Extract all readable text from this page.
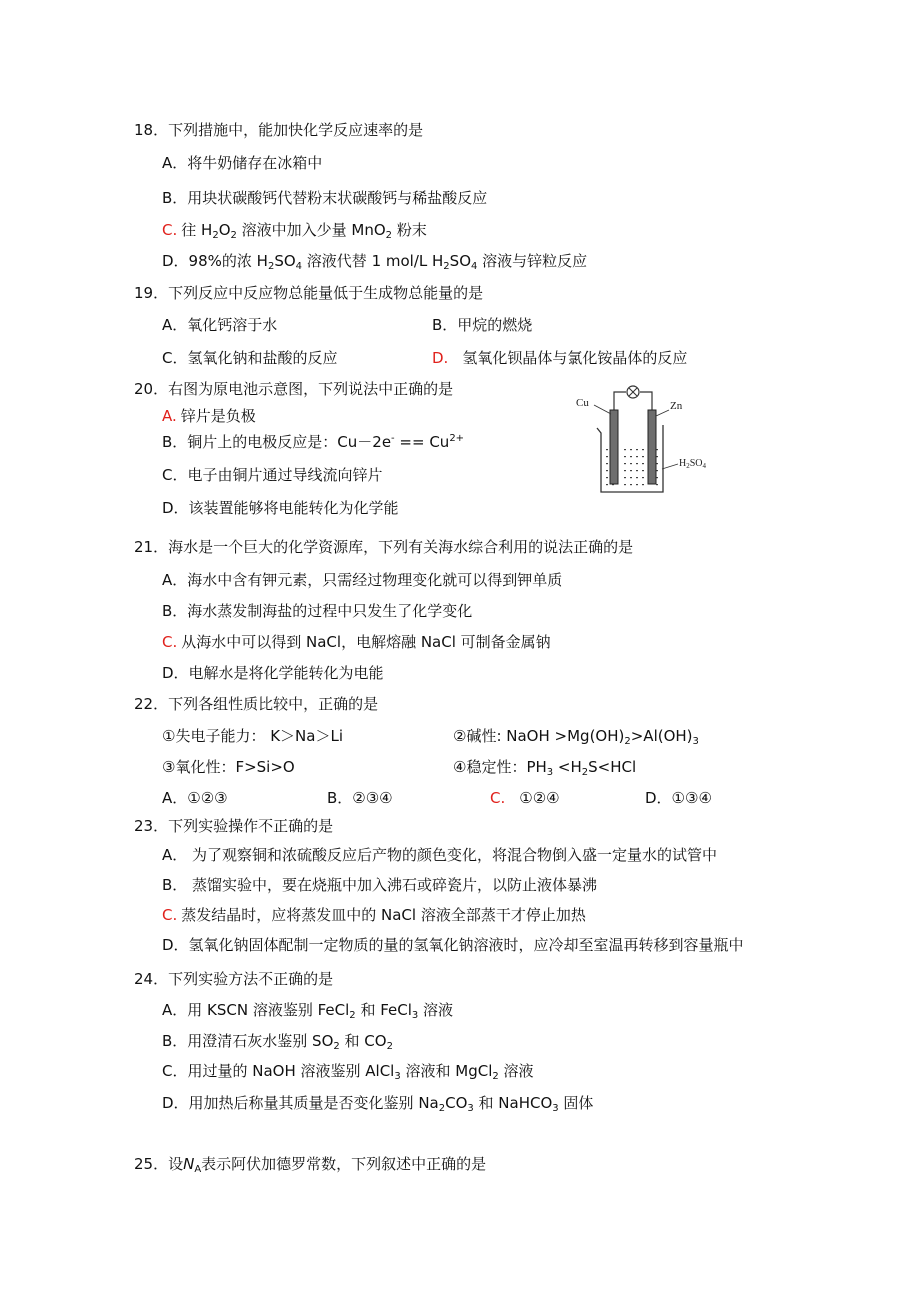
18．下列措施中，能加快化学反应速率的是
A．将牛奶储存在冰箱中
B．用块状碳酸钙代替粉末状碳酸钙与稀盐酸反应
C. 往 $H_2O_2$ 溶液中加入少量 MnO$_2$ 粉末
D．98%的浓 $H_2SO_4$ 溶液代替 1 mol/L $H_2SO_4$ 溶液与锌粒反应
19．下列反应中反应物总能量低于生成物总能量的是
A．氧化钙溶于水	B．甲烷的燃烧
C．氢氧化钠和盐酸的反应	D. 氢氧化钡晶体与氯化铵晶体的反应
20．右图为原电池示意图，下列说法中正确的是
A. 锌片是负极
B．铜片上的电极反应是：$Cu-2e^- == Cu^{2+}$
C．电子由铜片通过导线流向锌片
D．该装置能够将电能转化为化学能
Cu	Zn
$H_2SO_4$
21．海水是一个巨大的化学资源库，下列有关海水综合利用的说法正确的是
A．海水中含有钾元素，只需经过物理变化就可以得到钾单质
B．海水蒸发制海盐的过程中只发生了化学变化
C. 从海水中可以得到 NaCl，电解熔融 NaCl 可制备金属钠
D．电解水是将化学能转化为电能
22．下列各组性质比较中，正确的是
①失电子能力： K＞Na＞Li	②碱性: NaOH $>Mg(OH)_2>Al(OH)_3$
③氧化性：F>Si>O	④稳定性：$PH_3 <H_2S<HCl$
A．①②③	B．②③④	C. ①②④	D．①③④
23．下列实验操作不正确的是
A． 为了观察铜和浓硫酸反应后产物的颜色变化，将混合物倒入盛一定量水的试管中
B． 蒸馏实验中，要在烧瓶中加入沸石或碎瓷片，以防止液体暴沸
C. 蒸发结晶时，应将蒸发皿中的 NaCl 溶液全部蒸干才停止加热
D．氢氧化钠固体配制一定物质的量的氢氧化钠溶液时，应冷却至室温再转移到容量瓶中
24．下列实验方法不正确的是
A．用 KSCN 溶液鉴别 FeCl$_2$ 和 FeCl$_3$ 溶液
B．用澄清石灰水鉴别 $SO_2$ 和 $CO_2$
C．用过量的 NaOH 溶液鉴别 AlCl$_3$ 溶液和 MgCl$_2$ 溶液
D．用加热后称量其质量是否变化鉴别 $Na_2CO_3$ 和 NaHCO$_3$ 固体
25．设$N_A$表示阿伏加德罗常数，下列叙述中正确的是
